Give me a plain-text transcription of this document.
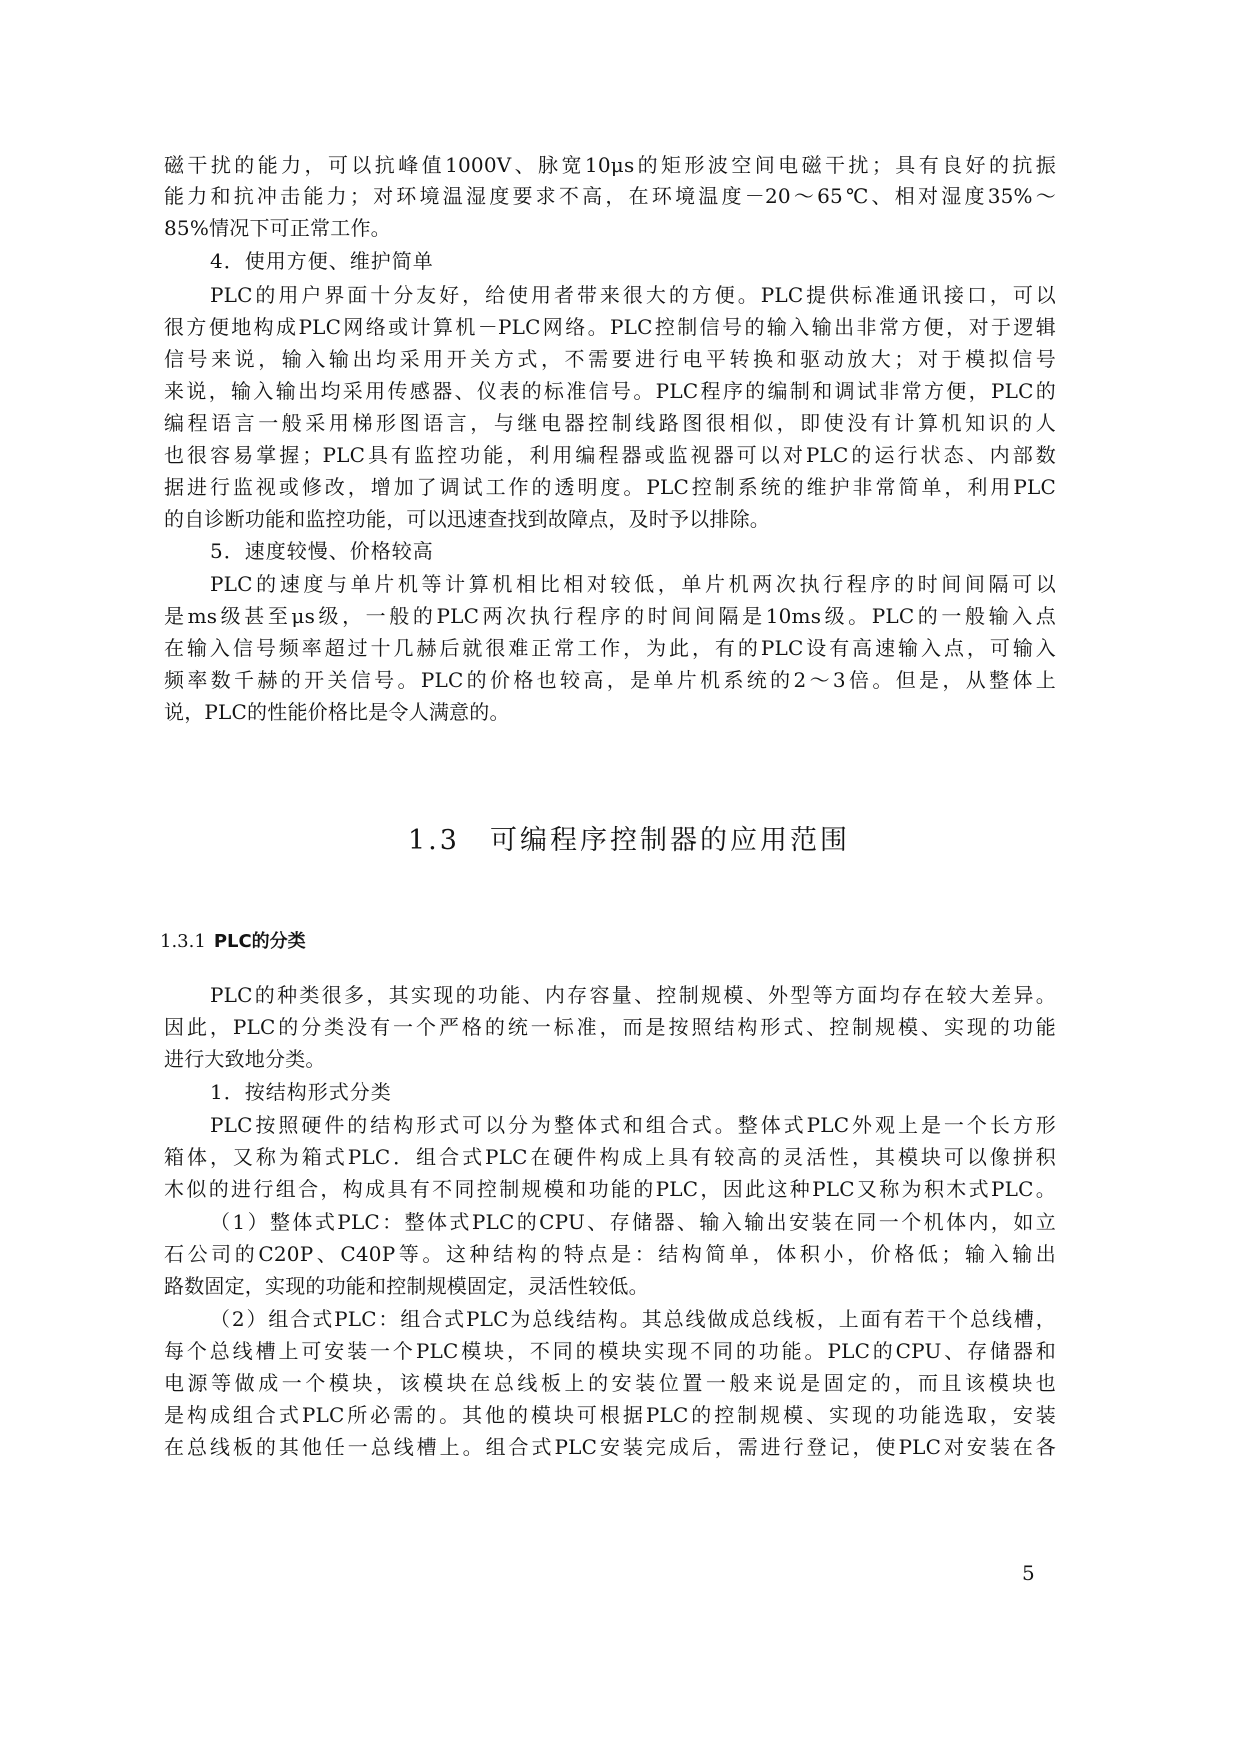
磁干扰的能力，可以抗峰值1000V、脉宽10μs的矩形波空间电磁干扰；具有良好的抗振
能力和抗冲击能力；对环境温湿度要求不高，在环境温度－20～65℃、相对湿度35%～
85%情况下可正常工作。
4．使用方便、维护简单
PLC的用户界面十分友好，给使用者带来很大的方便。PLC提供标准通讯接口，可以
很方便地构成PLC网络或计算机－PLC网络。PLC控制信号的输入输出非常方便，对于逻辑
信号来说，输入输出均采用开关方式，不需要进行电平转换和驱动放大；对于模拟信号
来说，输入输出均采用传感器、仪表的标准信号。PLC程序的编制和调试非常方便，PLC的
编程语言一般采用梯形图语言，与继电器控制线路图很相似，即使没有计算机知识的人
也很容易掌握；PLC具有监控功能，利用编程器或监视器可以对PLC的运行状态、内部数
据进行监视或修改，增加了调试工作的透明度。PLC控制系统的维护非常简单，利用PLC
的自诊断功能和监控功能，可以迅速查找到故障点，及时予以排除。
5．速度较慢、价格较高
PLC的速度与单片机等计算机相比相对较低，单片机两次执行程序的时间间隔可以
是ms级甚至μs级，一般的PLC两次执行程序的时间间隔是10ms级。PLC的一般输入点
在输入信号频率超过十几赫后就很难正常工作，为此，有的PLC设有高速输入点，可输入
频率数千赫的开关信号。PLC的价格也较高，是单片机系统的2～3倍。但是，从整体上
说，PLC的性能价格比是令人满意的。
1.3 可编程序控制器的应用范围
1.3.1 PLC的分类
PLC的种类很多，其实现的功能、内存容量、控制规模、外型等方面均存在较大差异。
因此，PLC的分类没有一个严格的统一标准，而是按照结构形式、控制规模、实现的功能
进行大致地分类。
1．按结构形式分类
PLC按照硬件的结构形式可以分为整体式和组合式。整体式PLC外观上是一个长方形
箱体，又称为箱式PLC．组合式PLC在硬件构成上具有较高的灵活性，其模块可以像拼积
木似的进行组合，构成具有不同控制规模和功能的PLC，因此这种PLC又称为积木式PLC。
（1）整体式PLC：整体式PLC的CPU、存储器、输入输出安装在同一个机体内，如立
石公司的C20P、C40P等。这种结构的特点是：结构简单，体积小，价格低；输入输出
路数固定，实现的功能和控制规模固定，灵活性较低。
（2）组合式PLC：组合式PLC为总线结构。其总线做成总线板，上面有若干个总线槽，
每个总线槽上可安装一个PLC模块，不同的模块实现不同的功能。PLC的CPU、存储器和
电源等做成一个模块，该模块在总线板上的安装位置一般来说是固定的，而且该模块也
是构成组合式PLC所必需的。其他的模块可根据PLC的控制规模、实现的功能选取，安装
在总线板的其他任一总线槽上。组合式PLC安装完成后，需进行登记，使PLC对安装在各
5
